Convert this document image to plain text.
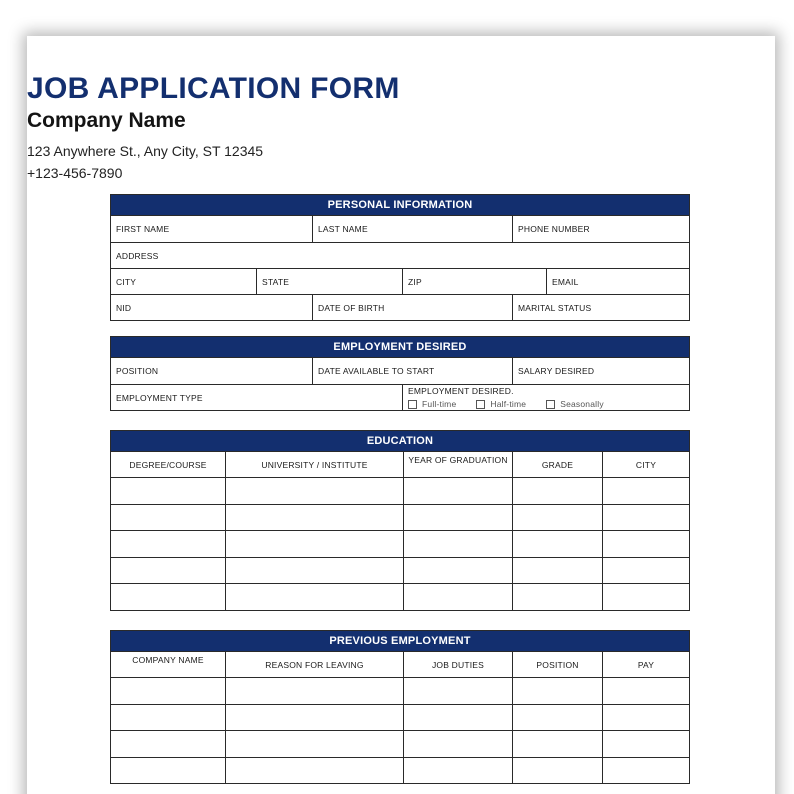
JOB APPLICATION FORM
Company Name
123 Anywhere St., Any City, ST 12345
+123-456-7890
PERSONAL INFORMATION
FIRST NAME	LAST NAME	PHONE NUMBER
ADDRESS
CITY	STATE	ZIP	EMAIL
NID	DATE OF BIRTH	MARITAL STATUS
EMPLOYMENT DESIRED
POSITION	DATE AVAILABLE TO START	SALARY DESIRED
EMPLOYMENT TYPE
EMPLOYMENT DESIRED.
Full-time	Half-time	Seasonally
EDUCATION
DEGREE/COURSE	UNIVERSITY / INSTITUTE	YEAR OF GRADUATION	GRADE	CITY
PREVIOUS EMPLOYMENT
COMPANY NAME	REASON FOR LEAVING	JOB DUTIES	POSITION	PAY
